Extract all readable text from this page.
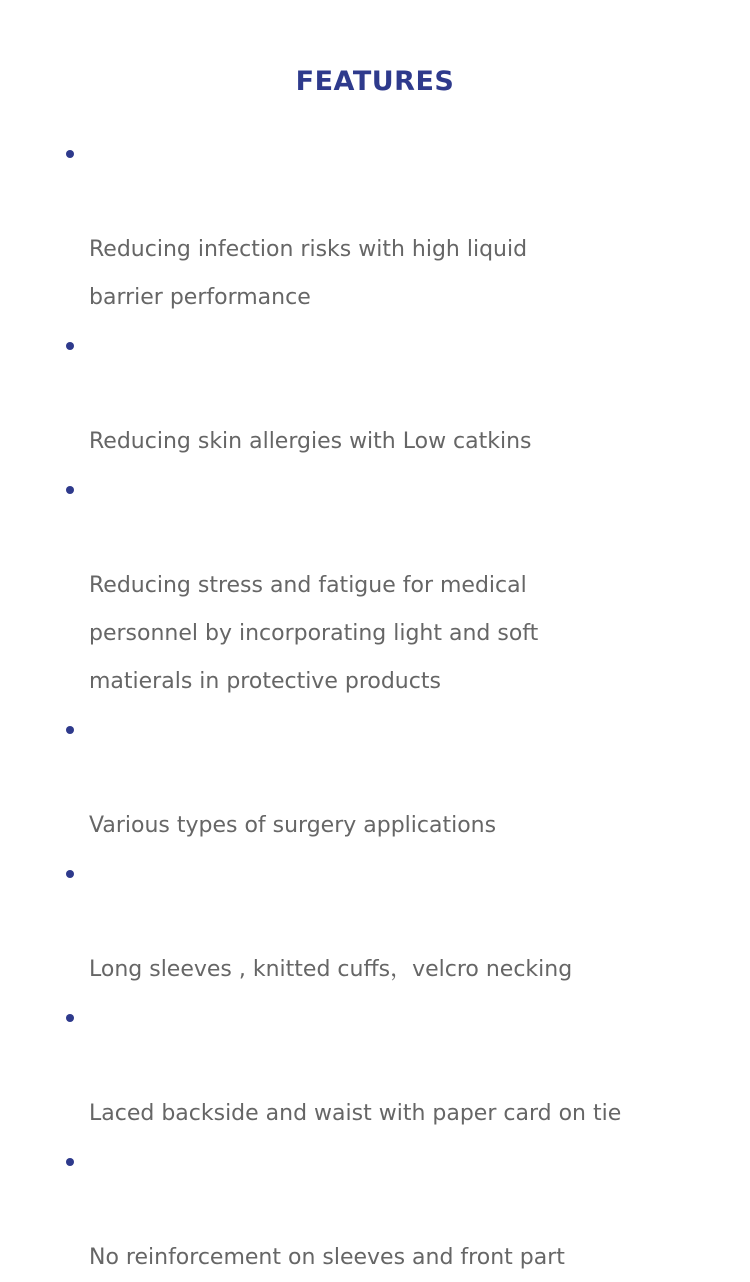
FEATURES

Reducing infection risks with high liquid
barrier performance

Reducing skin allergies with Low catkins

Reducing stress and fatigue for medical
personnel by incorporating light and soft
matierals in protective products

Various types of surgery applications

Long sleeves , knitted cuffs，velcro necking

Laced backside and waist with paper card on tie

No reinforcement on sleeves and front part
